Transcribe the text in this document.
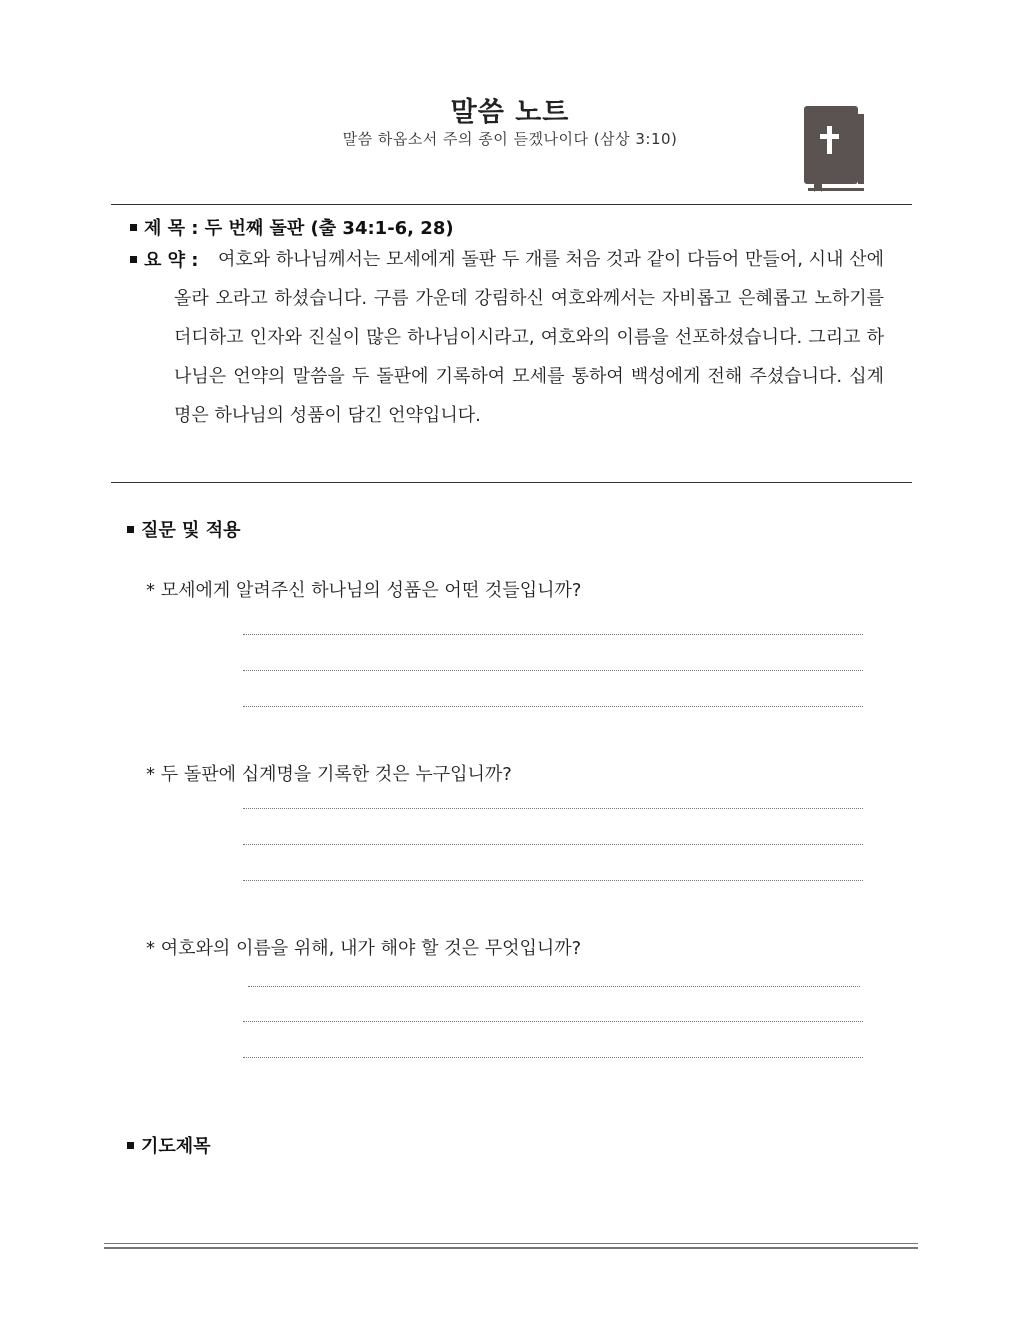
말씀 노트
말씀 하옵소서 주의 종이 듣겠나이다 (삼상 3:10)
제 목 : 두 번째 돌판 (출 34:1-6, 28)
요 약 :	여호와 하나님께서는 모세에게 돌판 두 개를 처음 것과 같이 다듬어 만들어, 시내 산에 올라 오라고 하셨습니다. 구름 가운데 강림하신 여호와께서는 자비롭고 은혜롭고 노하기를 더디하고 인자와 진실이 많은 하나님이시라고, 여호와의 이름을 선포하셨습니다. 그리고 하나님은 언약의 말씀을 두 돌판에 기록하여 모세를 통하여 백성에게 전해 주셨습니다. 십계명은 하나님의 성품이 담긴 언약입니다.
질문 및 적용
* 모세에게 알려주신 하나님의 성품은 어떤 것들입니까?
* 두 돌판에 십계명을 기록한 것은 누구입니까?
* 여호와의 이름을 위해, 내가 해야 할 것은 무엇입니까?
기도제목
